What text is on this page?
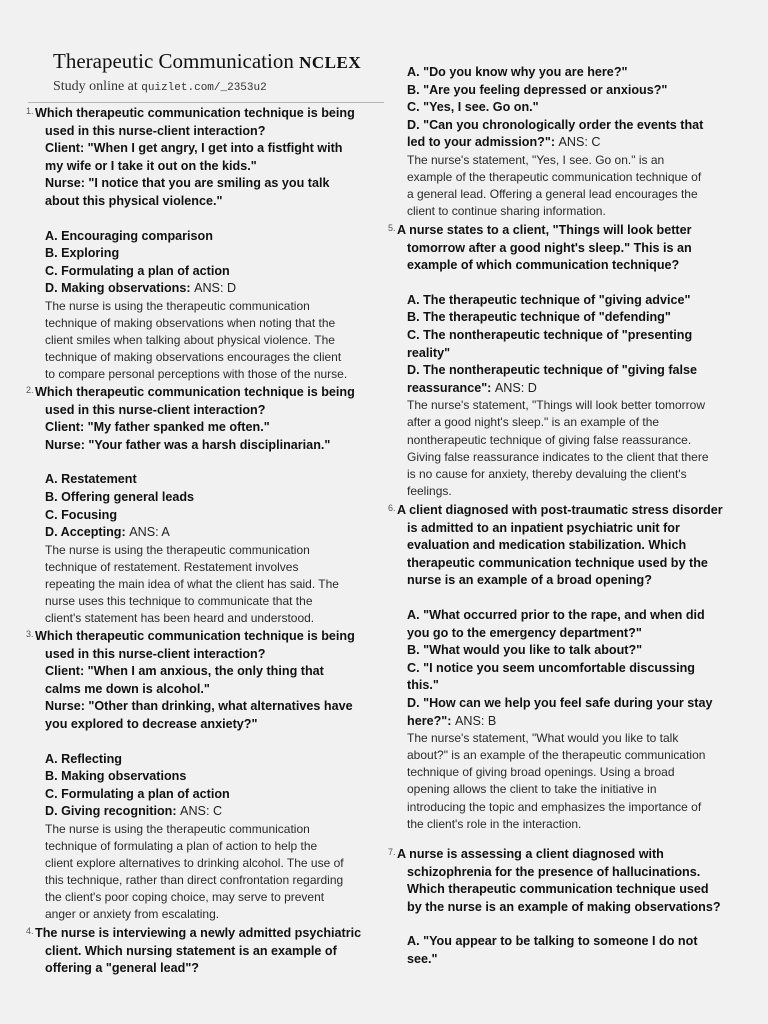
Therapeutic Communication NCLEX
Study online at quizlet.com/_2353u2
1. Which therapeutic communication technique is being

used in this nurse-client interaction?

Client: "When I get angry, I get into a fistfight with

my wife or I take it out on the kids."

Nurse: "I notice that you are smiling as you talk

about this physical violence."

A. Encouraging comparison

B. Exploring

C. Formulating a plan of action

D. Making observations: ANS: D

The nurse is using the therapeutic communication

technique of making observations when noting that the

client smiles when talking about physical violence. The

technique of making observations encourages the client

to compare personal perceptions with those of the nurse.

2. Which therapeutic communication technique is being

used in this nurse-client interaction?

Client: "My father spanked me often."

Nurse: "Your father was a harsh disciplinarian."

A. Restatement

B. Offering general leads

C. Focusing

D. Accepting: ANS: A

The nurse is using the therapeutic communication

technique of restatement. Restatement involves

repeating the main idea of what the client has said. The

nurse uses this technique to communicate that the

client's statement has been heard and understood.

3. Which therapeutic communication technique is being

used in this nurse-client interaction?

Client: "When I am anxious, the only thing that

calms me down is alcohol."

Nurse: "Other than drinking, what alternatives have

you explored to decrease anxiety?"

A. Reflecting

B. Making observations

C. Formulating a plan of action

D. Giving recognition: ANS: C

The nurse is using the therapeutic communication

technique of formulating a plan of action to help the

client explore alternatives to drinking alcohol. The use of

this technique, rather than direct confrontation regarding

the client's poor coping choice, may serve to prevent

anger or anxiety from escalating.

4. The nurse is interviewing a newly admitted psychiatric

client. Which nursing statement is an example of

offering a "general lead"?

A. "Do you know why you are here?"

B. "Are you feeling depressed or anxious?"

C. "Yes, I see. Go on."

D. "Can you chronologically order the events that

led to your admission?": ANS: C

The nurse's statement, "Yes, I see. Go on." is an

example of the therapeutic communication technique of

a general lead. Offering a general lead encourages the

client to continue sharing information.

5. A nurse states to a client, "Things will look better

tomorrow after a good night's sleep." This is an

example of which communication technique?

A. The therapeutic technique of "giving advice"

B. The therapeutic technique of "defending"

C. The nontherapeutic technique of "presenting

reality"

D. The nontherapeutic technique of "giving false

reassurance": ANS: D

The nurse's statement, "Things will look better tomorrow

after a good night's sleep." is an example of the

nontherapeutic technique of giving false reassurance.

Giving false reassurance indicates to the client that there

is no cause for anxiety, thereby devaluing the client's

feelings.

6. A client diagnosed with post-traumatic stress disorder

is admitted to an inpatient psychiatric unit for

evaluation and medication stabilization. Which

therapeutic communication technique used by the

nurse is an example of a broad opening?

A. "What occurred prior to the rape, and when did

you go to the emergency department?"

B. "What would you like to talk about?"

C. "I notice you seem uncomfortable discussing

this."

D. "How can we help you feel safe during your stay

here?": ANS: B

The nurse's statement, "What would you like to talk

about?" is an example of the therapeutic communication

technique of giving broad openings. Using a broad

opening allows the client to take the initiative in

introducing the topic and emphasizes the importance of

the client's role in the interaction.

7. A nurse is assessing a client diagnosed with

schizophrenia for the presence of hallucinations.

Which therapeutic communication technique used

by the nurse is an example of making observations?

A. "You appear to be talking to someone I do not

see."
